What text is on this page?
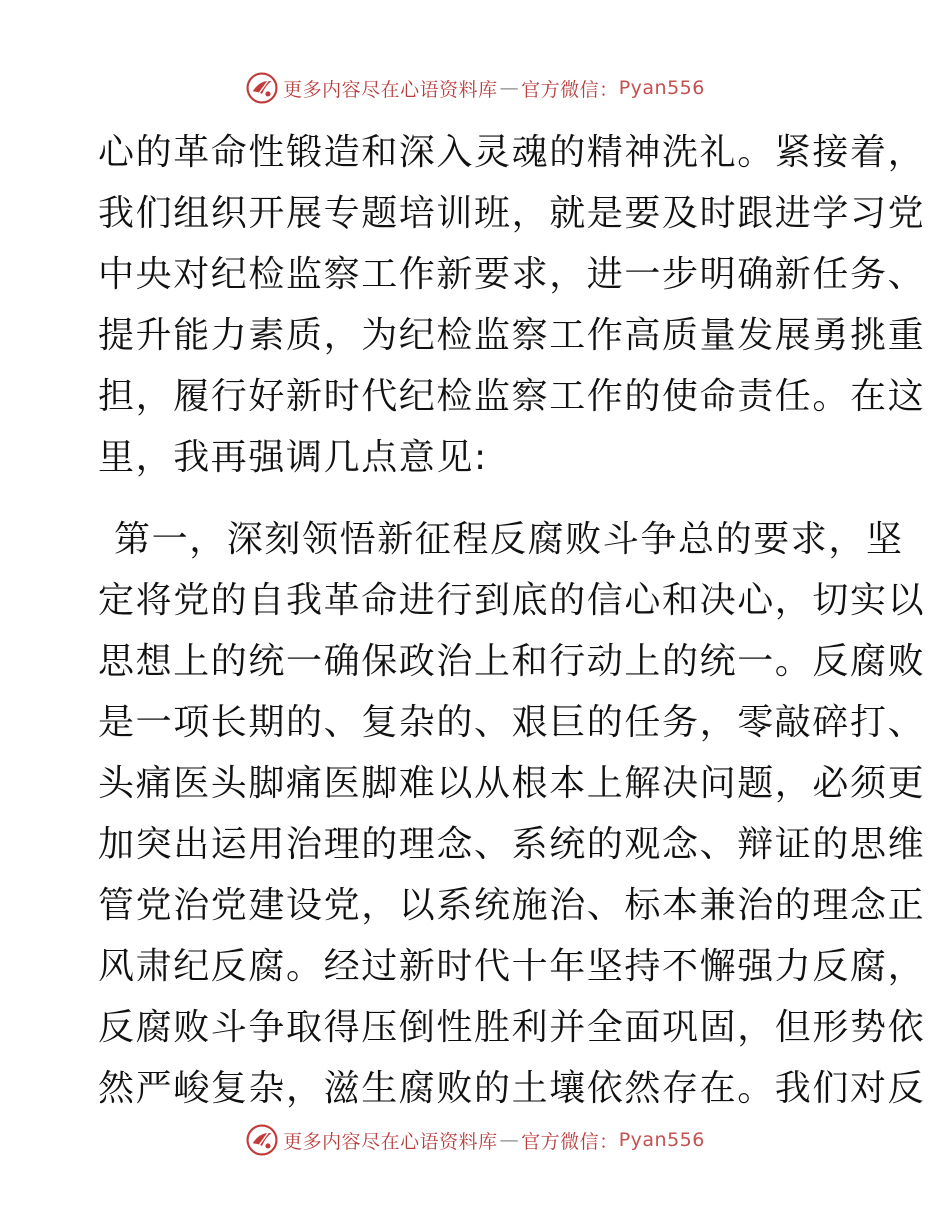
更多内容尽在心语资料库 — 官方微信： Pyan556
心的革命性锻造和深入灵魂的精神洗礼。紧接着，
我们组织开展专题培训班，就是要及时跟进学习党
中央对纪检监察工作新要求，进一步明确新任务、
提升能力素质，为纪检监察工作高质量发展勇挑重
担，履行好新时代纪检监察工作的使命责任。在这
里，我再强调几点意见:
第一，深刻领悟新征程反腐败斗争总的要求，坚
定将党的自我革命进行到底的信心和决心，切实以
思想上的统一确保政治上和行动上的统一。反腐败
是一项长期的、复杂的、艰巨的任务，零敲碎打、
头痛医头脚痛医脚难以从根本上解决问题，必须更
加突出运用治理的理念、系统的观念、辩证的思维
管党治党建设党，以系统施治、标本兼治的理念正
风肃纪反腐。经过新时代十年坚持不懈强力反腐，
反腐败斗争取得压倒性胜利并全面巩固，但形势依
然严峻复杂，滋生腐败的土壤依然存在。我们对反
更多内容尽在心语资料库 — 官方微信： Pyan556
